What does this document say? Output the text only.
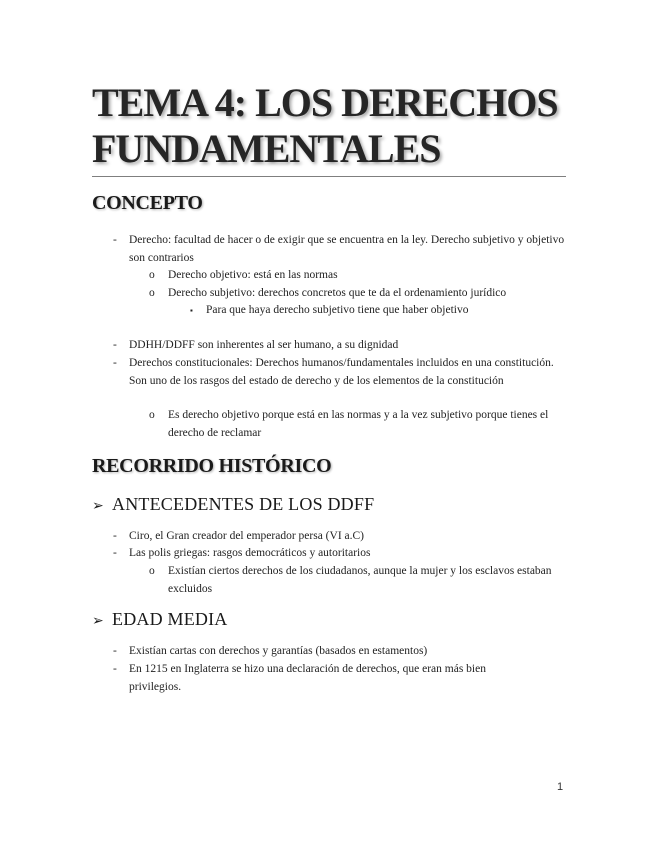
TEMA 4: LOS DERECHOS
FUNDAMENTALES
CONCEPTO
- Derecho: facultad de hacer o de exigir que se encuentra en la ley. Derecho subjetivo y objetivo son contrarios

o Derecho objetivo: está en las normas

o Derecho subjetivo: derechos concretos que te da el ordenamiento jurídico

▪ Para que haya derecho subjetivo tiene que haber objetivo

- DDHH/DDFF son inherentes al ser humano, a su dignidad

- Derechos constitucionales: Derechos humanos/fundamentales incluidos en una constitución. Son uno de los rasgos del estado de derecho y de los elementos de la constitución

o Es derecho objetivo porque está en las normas y a la vez subjetivo porque tienes el derecho de reclamar

RECORRIDO HISTÓRICO
➢ ANTECEDENTES DE LOS DDFF
- Ciro, el Gran creador del emperador persa (VI a.C)

- Las polis griegas: rasgos democráticos y autoritarios

o Existían ciertos derechos de los ciudadanos, aunque la mujer y los esclavos estaban excluidos

➢ EDAD MEDIA
- Existían cartas con derechos y garantías (basados en estamentos)

- En 1215 en Inglaterra se hizo una declaración de derechos, que eran más bien privilegios.

1
